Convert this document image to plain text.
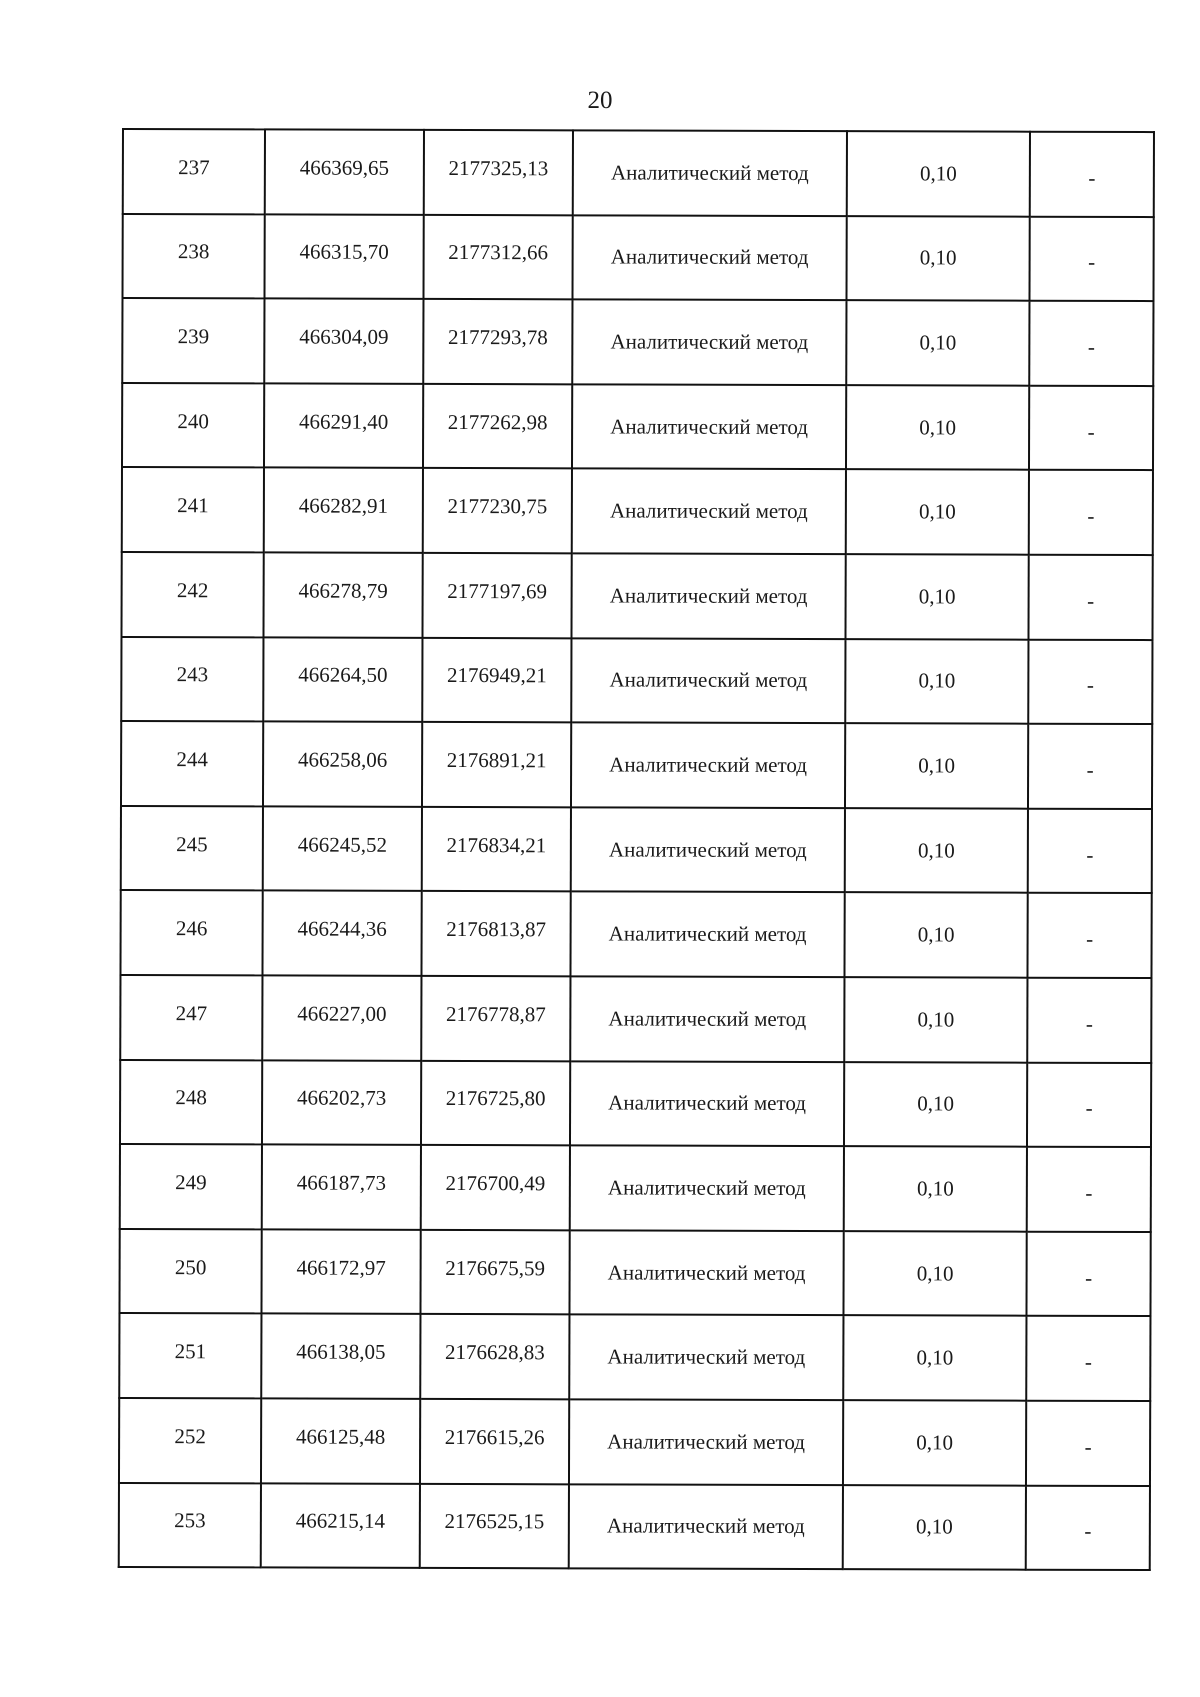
20
237	466369,65	2177325,13	Аналитический метод	0,10	-
238	466315,70	2177312,66	Аналитический метод	0,10	-
239	466304,09	2177293,78	Аналитический метод	0,10	-
240	466291,40	2177262,98	Аналитический метод	0,10	-
241	466282,91	2177230,75	Аналитический метод	0,10	-
242	466278,79	2177197,69	Аналитический метод	0,10	-
243	466264,50	2176949,21	Аналитический метод	0,10	-
244	466258,06	2176891,21	Аналитический метод	0,10	-
245	466245,52	2176834,21	Аналитический метод	0,10	-
246	466244,36	2176813,87	Аналитический метод	0,10	-
247	466227,00	2176778,87	Аналитический метод	0,10	-
248	466202,73	2176725,80	Аналитический метод	0,10	-
249	466187,73	2176700,49	Аналитический метод	0,10	-
250	466172,97	2176675,59	Аналитический метод	0,10	-
251	466138,05	2176628,83	Аналитический метод	0,10	-
252	466125,48	2176615,26	Аналитический метод	0,10	-
253	466215,14	2176525,15	Аналитический метод	0,10	-
